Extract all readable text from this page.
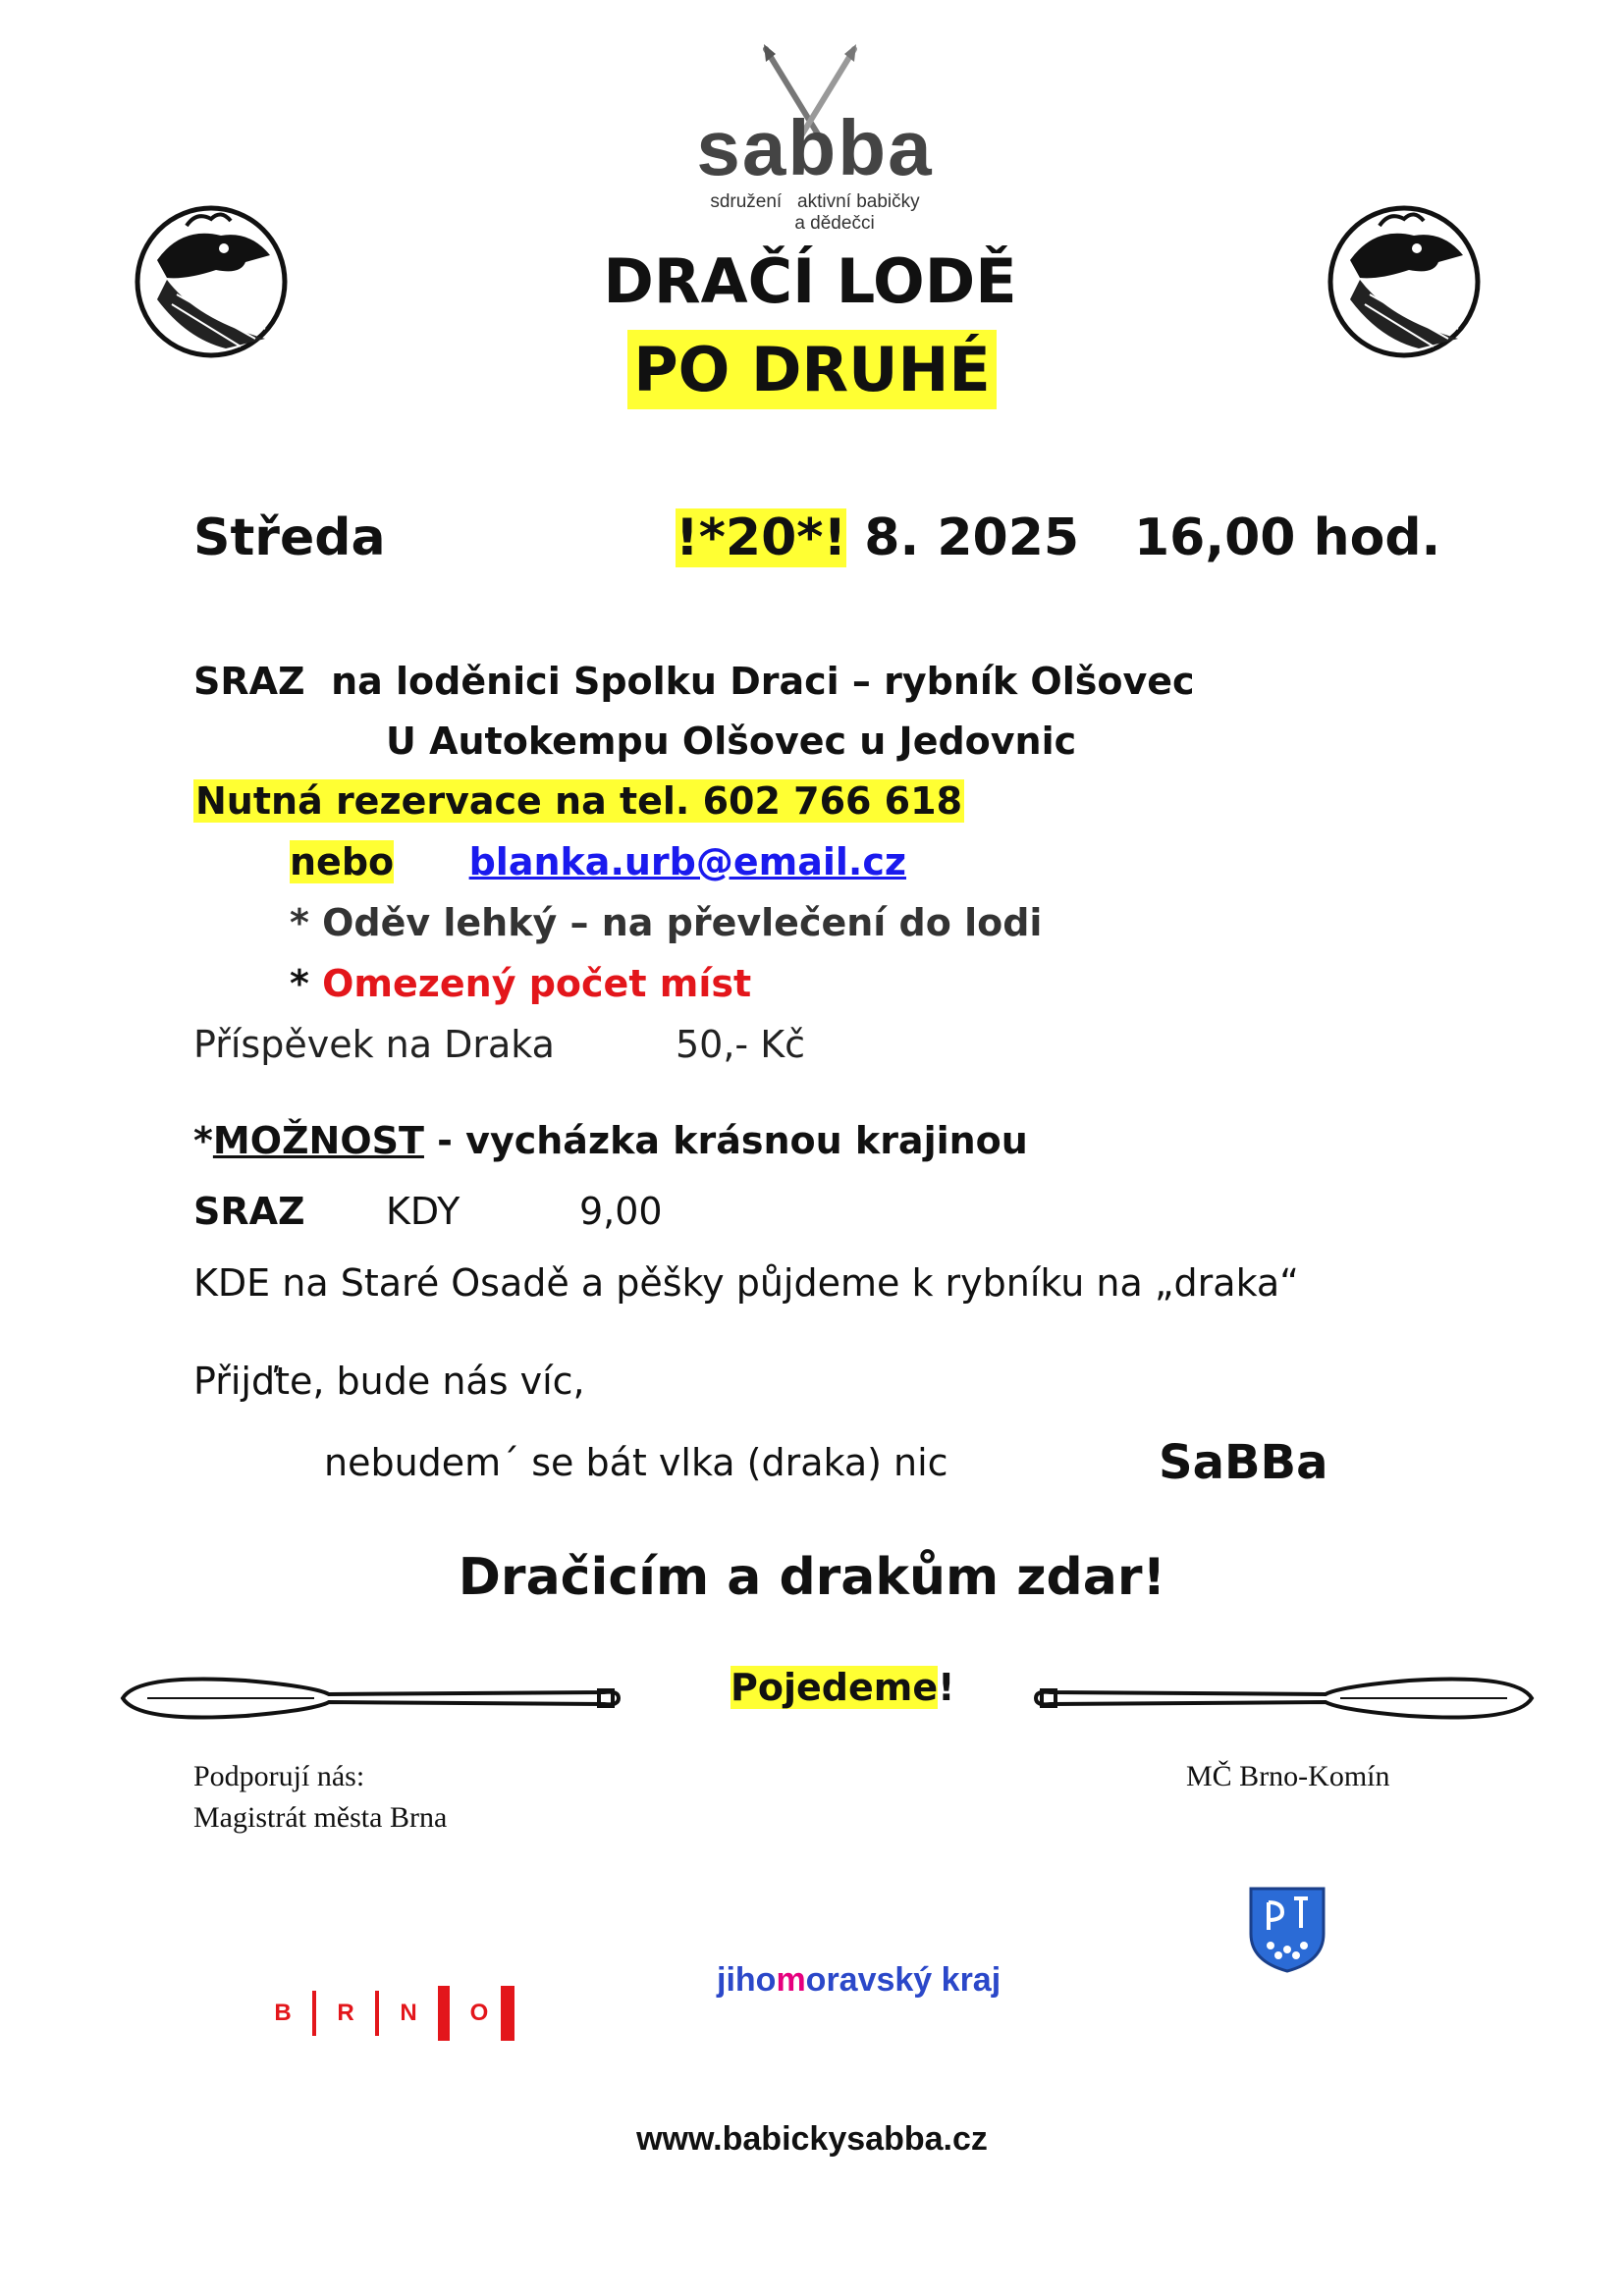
sabba
sdružení   aktivní babičky
a dědečci
DRAČÍ LODĚ
PO DRUHÉ
Středa	!*20*! 8. 2025 16,00 hod.
SRAZ na loděnici Spolku Draci – rybník Olšovec
U Autokempu Olšovec u Jedovnic
Nutná rezervace na tel. 602 766 618
nebo blanka.urb@email.cz
* Oděv lehký – na převlečení do lodi
* Omezený počet míst
Příspěvek na Draka	50,- Kč
*MOŽNOST - vycházka krásnou krajinou
SRAZ KDY	9,00
KDE na Staré Osadě a pěšky půjdeme k rybníku na „draka“
Přijďte, bude nás víc,
nebudem´ se bát vlka (draka) nic	SaBBa
Dračicím a drakům zdar!
Pojedeme!
Podporují nás:
Magistrát města Brna
MČ Brno-Komín
B	R	N	O
jihomoravský kraj
www.babickysabba.cz
